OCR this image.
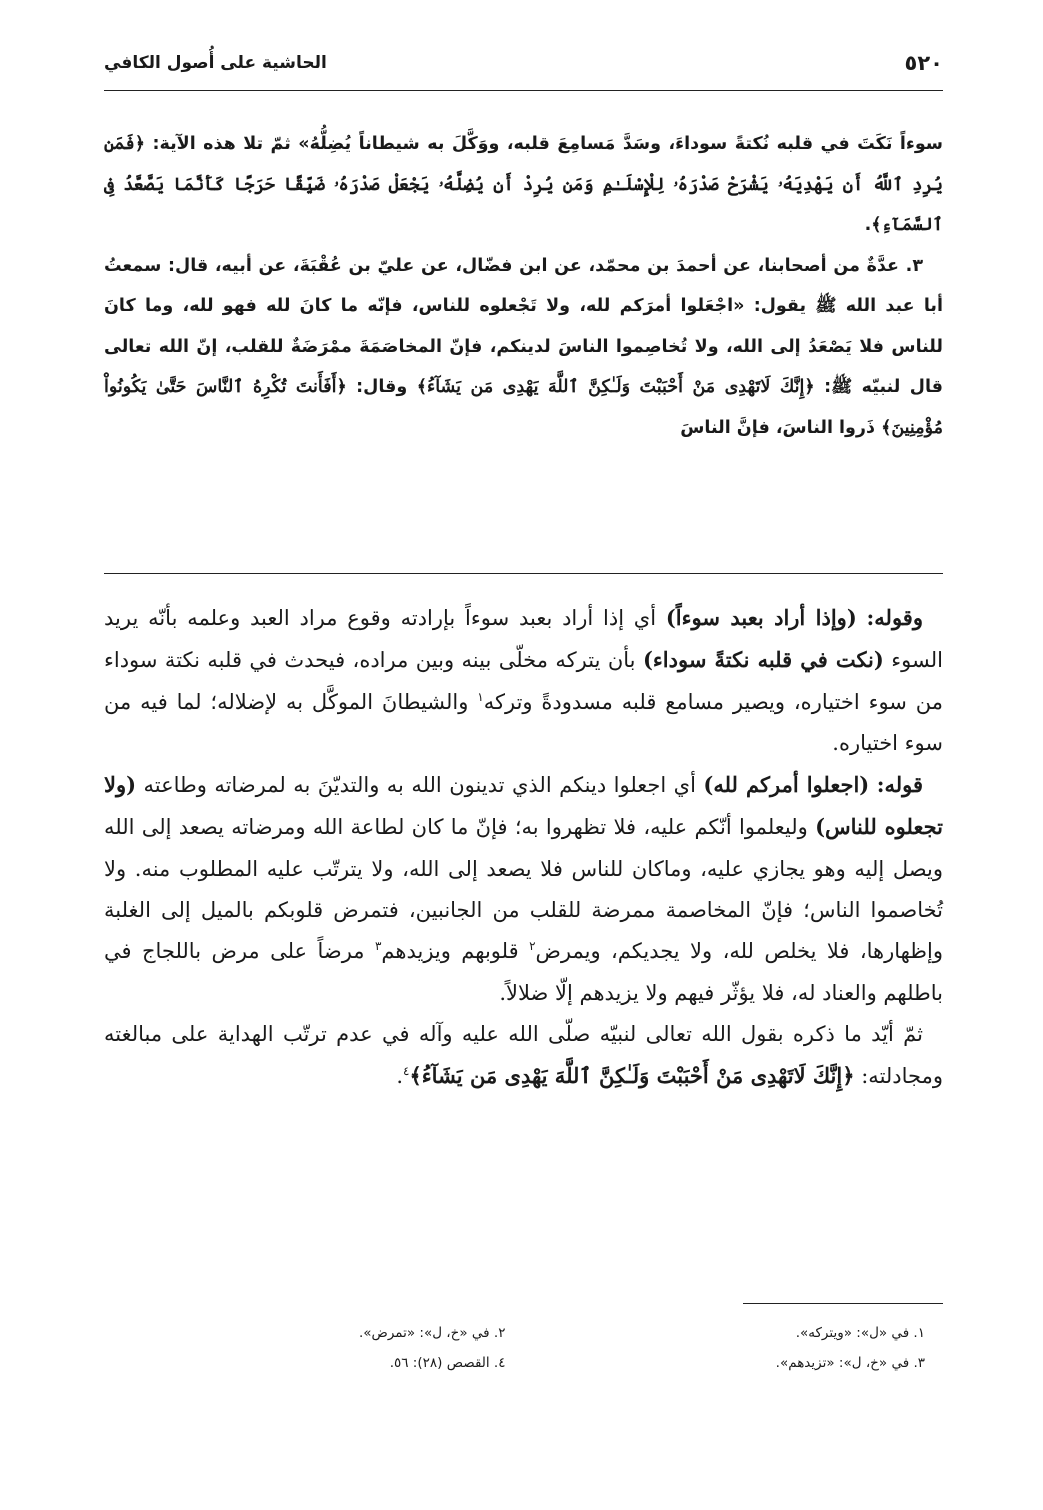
٥٢٠
الحاشية على أُصول الكافي

سوءاً نَكَتَ في قلبه نُكتةً سوداءَ، وسَدَّ مَسامِعَ قلبه، ووَكَّلَ به شيطاناً يُضِلُّهُ» ثمّ تلا هذه الآية: ﴿فَمَن يُرِدِ ٱللَّهُ أَن يَهْدِيَهُۥ يَشْرَحْ صَدْرَهُۥ لِلْإِسْلَـٰمِ وَمَن يُرِدْ أَن يُضِلَّهُۥ يَجْعَلْ صَدْرَهُۥ ضَيِّقًا حَرَجًا كَأَنَّمَا يَصَّعَّدُ فِى ٱلسَّمَآءِ﴾.

٣. عدَّةٌ من أصحابنا، عن أحمدَ بن محمّد، عن ابن فضّال، عن عليّ بن عُقْبَةَ، عن أبيه، قال: سمعتُ أبا عبد الله ﷺ يقول: «اجْعَلوا أمرَكم لله، ولا تَجْعلوه للناس، فإنّه ما كانَ لله فهو لله، وما كانَ للناس فلا يَصْعَدُ إلى الله، ولا تُخاصِموا الناسَ لدينكم، فإنّ المخاصَمَةَ ممْرَضَةٌ للقلب، إنّ الله تعالى قال لنبيّه ﷺ: ﴿إِنَّكَ لَاتَهْدِى مَنْ أَحْبَبْتَ وَلَـٰكِنَّ ٱللَّهَ يَهْدِى مَن يَشَآءُ﴾ وقال: ﴿أَفَأَنتَ تُكْرِهُ ٱلنَّاسَ حَتَّىٰ يَكُونُواْ مُؤْمِنِينَ﴾ ذَروا الناسَ، فإنَّ الناسَ

وقوله: (وإذا أراد بعبد سوءاً) أي إذا أراد بعبد سوءاً بإرادته وقوع مراد العبد وعلمه بأنّه يريد السوء (نكت في قلبه نكتةً سوداء) بأن يتركه مخلّى بينه وبين مراده، فيحدث في قلبه نكتة سوداء من سوء اختياره، ويصير مسامع قلبه مسدودةً وتركه$^١$ والشيطانَ الموكَّل به لإضلاله؛ لما فيه من سوء اختياره.

قوله: (اجعلوا أمركم لله) أي اجعلوا دينكم الذي تدينون الله به والتديّنَ به لمرضاته وطاعته (ولا تجعلوه للناس) وليعلموا أنّكم عليه، فلا تظهروا به؛ فإنّ ما كان لطاعة الله ومرضاته يصعد إلى الله ويصل إليه وهو يجازي عليه، وماكان للناس فلا يصعد إلى الله، ولا يترتّب عليه المطلوب منه. ولا تُخاصموا الناس؛ فإنّ المخاصمة ممرضة للقلب من الجانبين، فتمرض قلوبكم بالميل إلى الغلبة وإظهارها، فلا يخلص لله، ولا يجديكم، ويمرض$^٢$ قلوبهم ويزيدهم$^٣$ مرضاً على مرض باللجاج في باطلهم والعناد له، فلا يؤثّر فيهم ولا يزيدهم إلّا ضلالاً.

ثمّ أيّد ما ذكره بقول الله تعالى لنبيّه صلّى الله عليه وآله في عدم ترتّب الهداية على مبالغته ومجادلته: ﴿إِنَّكَ لَاتَهْدِى مَنْ أَحْبَبْتَ وَلَـٰكِنَّ ٱللَّهَ يَهْدِى مَن يَشَآءُ﴾$^٤$.

١. في «ل»: «ويتركه».
٢. في «خ، ل»: «تمرض».
٣. في «خ، ل»: «تزيدهم».
٤. القصص (٢٨): ٥٦.
